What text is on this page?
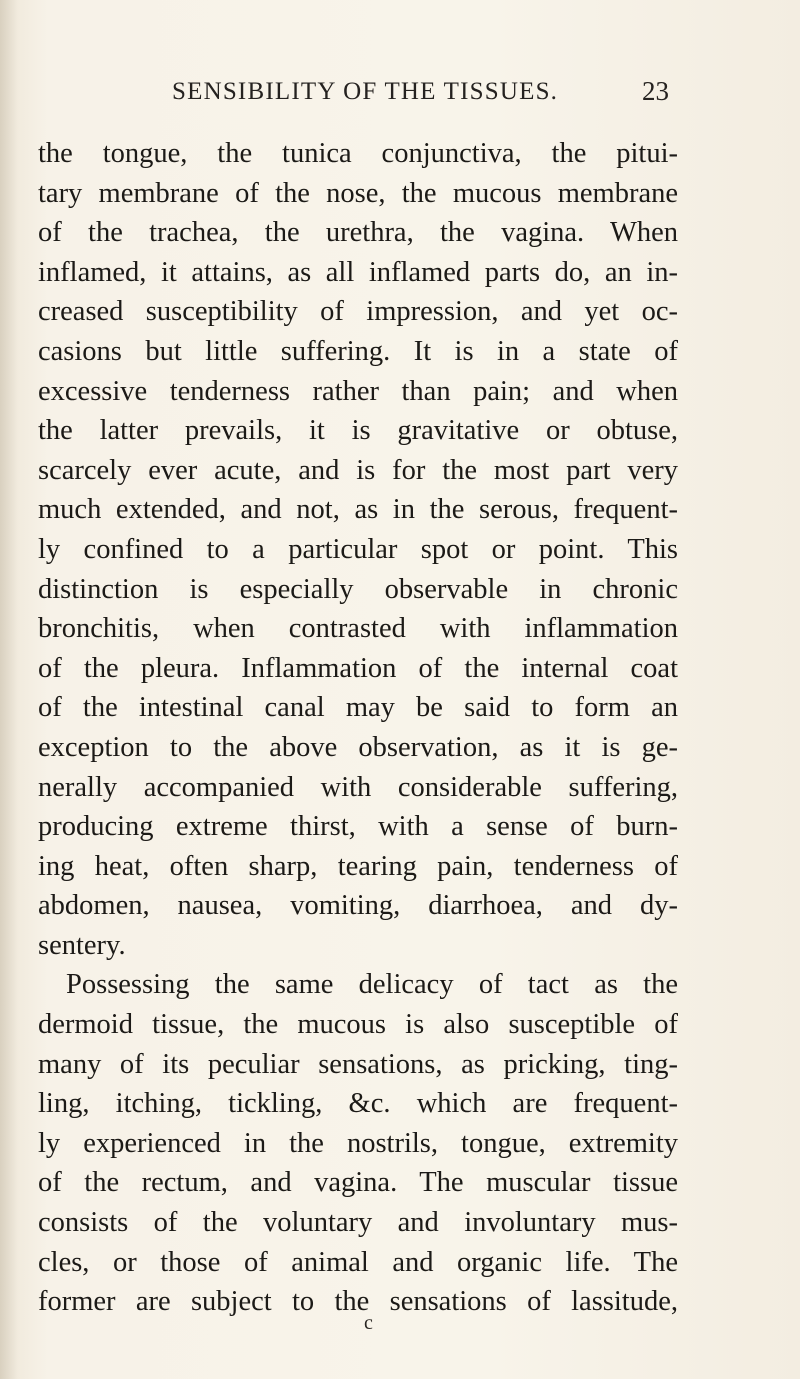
SENSIBILITY OF THE TISSUES.	23
the tongue, the tunica conjunctiva, the pitui-
tary membrane of the nose, the mucous membrane
of the trachea, the urethra, the vagina. When
inflamed, it attains, as all inflamed parts do, an in-
creased susceptibility of impression, and yet oc-
casions but little suffering. It is in a state of
excessive tenderness rather than pain; and when
the latter prevails, it is gravitative or obtuse,
scarcely ever acute, and is for the most part very
much extended, and not, as in the serous, frequent-
ly confined to a particular spot or point. This
distinction is especially observable in chronic
bronchitis, when contrasted with inflammation
of the pleura. Inflammation of the internal coat
of the intestinal canal may be said to form an
exception to the above observation, as it is ge-
nerally accompanied with considerable suffering,
producing extreme thirst, with a sense of burn-
ing heat, often sharp, tearing pain, tenderness of
abdomen, nausea, vomiting, diarrhoea, and dy-
sentery.
Possessing the same delicacy of tact as the
dermoid tissue, the mucous is also susceptible of
many of its peculiar sensations, as pricking, ting-
ling, itching, tickling, &c. which are frequent-
ly experienced in the nostrils, tongue, extremity
of the rectum, and vagina. The muscular tissue
consists of the voluntary and involuntary mus-
cles, or those of animal and organic life. The
former are subject to the sensations of lassitude,
c
